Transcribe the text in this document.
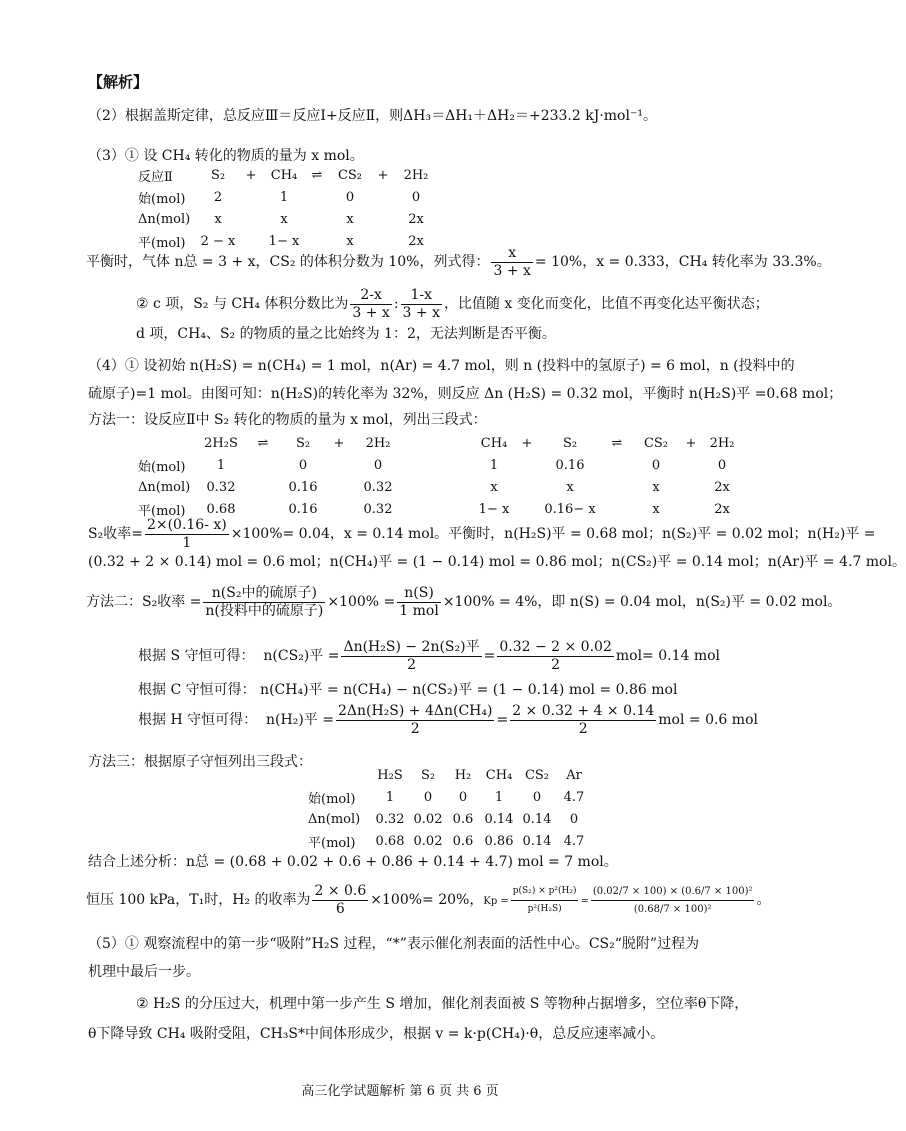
【解析】
（2）根据盖斯定律，总反应Ⅲ＝反应Ⅰ+反应Ⅱ，则ΔH₃＝ΔH₁＋ΔH₂＝+233.2 kJ·mol⁻¹。
（3）① 设 CH₄ 转化的物质的量为 x mol。
反应Ⅱ	S₂	+	CH₄	⇌	CS₂	+	2H₂
始(mol)	2		1		0		0
Δn(mol)	x		x		x		2x
平(mol)	2 − x		1− x		x		2x
平衡时，气体 n总 = 3 + x，CS₂ 的体积分数为 10%，列式得： $\frac{x}{3 + x} = 10\%$，x = 0.333，CH₄ 转化率为 33.3%。
② c 项，S₂ 与 CH₄ 体积分数比为 $\frac{2-x}{3 + x}$ : $\frac{1-x}{3 + x}$ ，比值随 x 变化而变化，比值不再变化达平衡状态；
d 项，CH₄、S₂ 的物质的量之比始终为 1：2，无法判断是否平衡。
（4）① 设初始 n(H₂S) = n(CH₄) = 1 mol，n(Ar) = 4.7 mol，则 n (投料中的氢原子) = 6 mol，n (投料中的
硫原子)=1 mol。由图可知：n(H₂S)的转化率为 32%，则反应 Δn (H₂S) = 0.32 mol，平衡时 n(H₂S)平 =0.68 mol；
方法一：设反应Ⅱ中 S₂ 转化的物质的量为 x mol，列出三段式：
	2H₂S	⇌	S₂	+	2H₂		CH₄	+	S₂	⇌	CS₂	+	2H₂
始(mol)	1		0		0		1		0.16		0		0
Δn(mol)	0.32		0.16		0.32		x		x		x		2x
平(mol)	0.68		0.16		0.32		1− x		0.16− x		x		2x
S₂收率= $\frac{2\times(0.16- x)}{1} \times 100\%= 0.04$，x = 0.14 mol。平衡时，n(H₂S)平 = 0.68 mol；n(S₂)平 = 0.02 mol；n(H₂)平 =
(0.32 + 2 × 0.14) mol = 0.6 mol；n(CH₄)平 = (1 − 0.14) mol = 0.86 mol；n(CS₂)平 = 0.14 mol；n(Ar)平 = 4.7 mol。
方法二：S₂收率 = $\frac{\text{n(S₂中的硫原子)}}{\text{n(投料中的硫原子)}} \times 100\% = \frac{n(S)}{\text{1 mol}} \times 100\% = 4\%$，即 n(S) = 0.04 mol，n(S₂)平 = 0.02 mol。
根据 S 守恒可得： n(CS₂)平 = $\frac{\text{Δn(H₂S) − 2n(S₂)平}}{2} = \frac{0.32 - 2 \times 0.02}{2} mol= 0.14$ mol
根据 C 守恒可得： n(CH₄)平 = n(CH₄) − n(CS₂)平 = (1 − 0.14) mol = 0.86 mol
根据 H 守恒可得： n(H₂)平 = $\frac{\text{2Δn(H₂S) + 4Δn(CH₄)}}{2} = \frac{2 \times 0.32 + 4 \times 0.14}{2}$ mol = 0.6 mol
方法三：根据原子守恒列出三段式：
	H₂S	S₂	H₂	CH₄	CS₂	Ar
始(mol)	1	0	0	1	0	4.7
Δn(mol)	0.32	0.02	0.6	0.14	0.14	0
平(mol)	0.68	0.02	0.6	0.86	0.14	4.7
结合上述分析：n总 = (0.68 + 0.02 + 0.6 + 0.86 + 0.14 + 4.7) mol = 7 mol。
恒压 100 kPa，T₁时，H₂ 的收率为 $\frac{2 \times 0.6}{6} \times 100\%= 20\%$，$Kp = \frac{\text{p(S₂) × p²(H₂)}}{\text{p²(H₂S)}} = \frac{\text{(0.02/7 × 100) × (0.6/7 × 100)²}}{\text{(0.68/7 × 100)²}}$ 。
（5）① 观察流程中的第一步“吸附”H₂S 过程，“*”表示催化剂表面的活性中心。CS₂“脱附”过程为
机理中最后一步。
② H₂S 的分压过大，机理中第一步产生 S 增加，催化剂表面被 S 等物种占据增多，空位率θ下降，
θ下降导致 CH₄ 吸附受阻，CH₃S*中间体形成少，根据 v = k·p(CH₄)·θ，总反应速率减小。
高三化学试题解析 第 6 页 共 6 页
